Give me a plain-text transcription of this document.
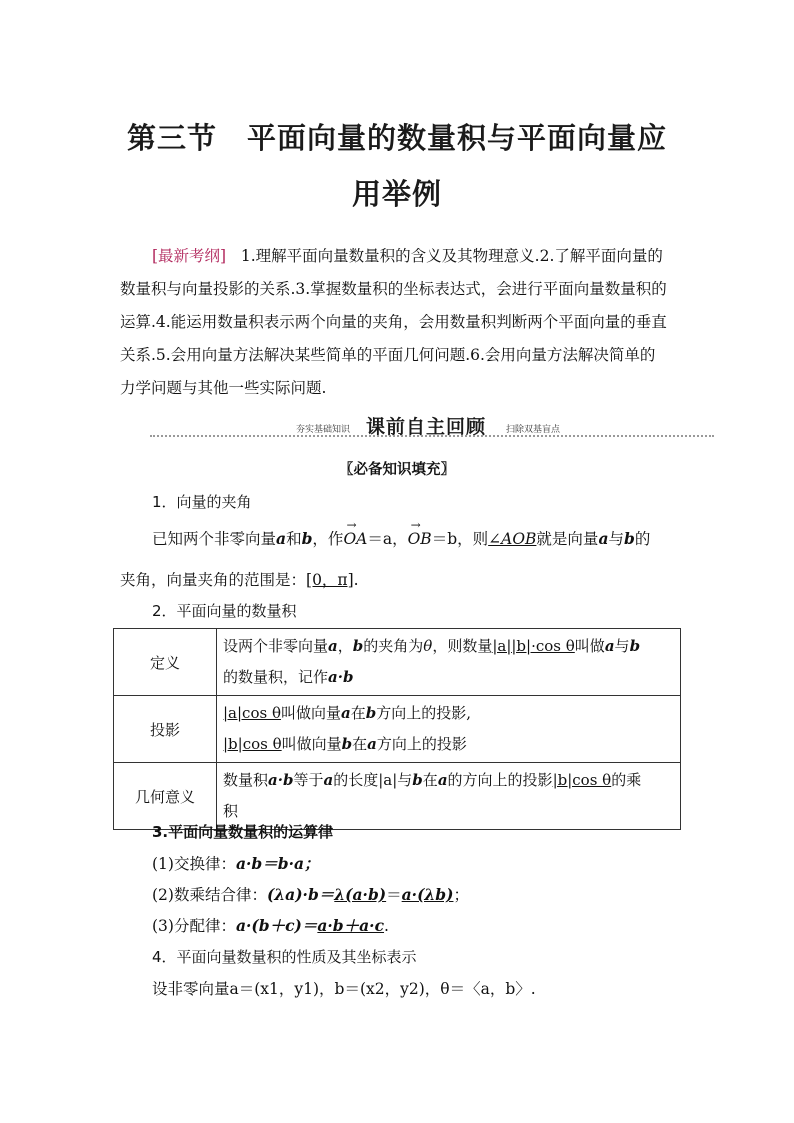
第三节　平面向量的数量积与平面向量应
用举例
[最新考纲] 1.理解平面向量数量积的含义及其物理意义.2.了解平面向量的
数量积与向量投影的关系.3.掌握数量积的坐标表达式，会进行平面向量数量积的
运算.4.能运用数量积表示两个向量的夹角，会用数量积判断两个平面向量的垂直
关系.5.会用向量方法解决某些简单的平面几何问题.6.会用向量方法解决简单的
力学问题与其他一些实际问题.
夯实基础知识 课前自主回顾 扫除双基盲点
〖必备知识填充〗
1．向量的夹角
已知两个非零向量a和b，作→ OA＝a，→ OB＝b，则∠AOB就是向量a与b的
夹角，向量夹角的范围是：[0，π].
2．平面向量的数量积
定义	设两个非零向量a，b的夹角为θ，则数量|a||b|·cos θ叫做a与b
的数量积，记作a·b
投影	|a|cos θ叫做向量a在b方向上的投影,
|b|cos θ叫做向量b在a方向上的投影
几何意义	数量积a·b等于a的长度|a|与b在a的方向上的投影|b|cos θ的乘
积
3.平面向量数量积的运算律
(1)交换律：a·b＝b·a；
(2)数乘结合律：(λa)·b＝λ(a·b)＝a·(λb)；
(3)分配律：a·(b＋c)＝a·b＋a·c.
4．平面向量数量积的性质及其坐标表示
设非零向量a＝(x1，y1)，b＝(x2，y2)，θ＝〈a，b〉.
